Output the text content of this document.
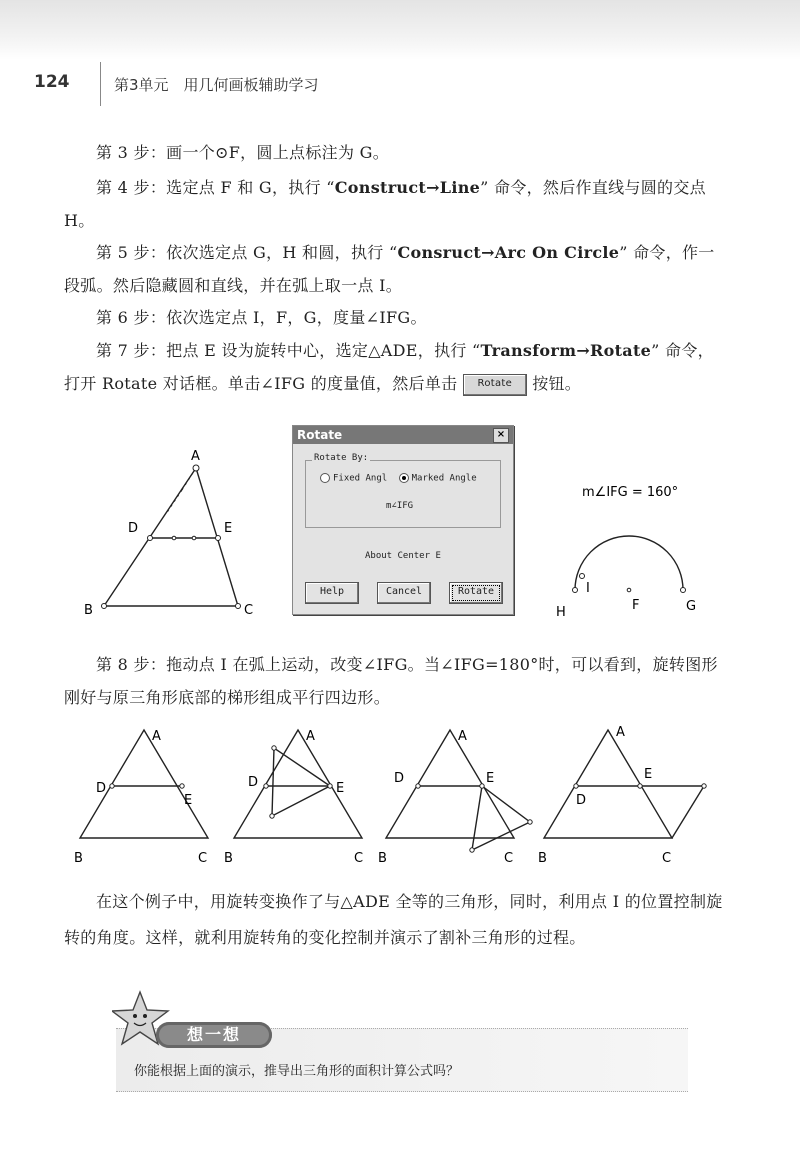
124	第3单元　用几何画板辅助学习

第 3 步：画一个⊙F，圆上点标注为 G。

第 4 步：选定点 F 和 G，执行 “Construct→Line” 命令，然后作直线与圆的交点 H。

第 5 步：依次选定点 G，H 和圆，执行 “Consruct→Arc On Circle” 命令，作一段弧。然后隐藏圆和直线，并在弧上取一点 I。

第 6 步：依次选定点 I，F，G，度量∠IFG。

第 7 步：把点 E 设为旋转中心，选定△ADE，执行 “Transform→Rotate” 命令，打开 Rotate 对话框。单击∠IFG 的度量值，然后单击 Rotate 按钮。

A
B	C
D	E
Rotate	×
Rotate By:
Fixed Angl	Marked Angle
m∠IFG
About Center E
Help	Cancel	Rotate
m∠IFG = 160°
H
I
F	G

第 8 步：拖动点 I 在弧上运动，改变∠IFG。当∠IFG=180°时，可以看到，旋转图形刚好与原三角形底部的梯形组成平行四边形。

A
B	C
D
E
A
B	C
D	E
A
B	C
D	E
A
B	C
D
E

在这个例子中，用旋转变换作了与△ADE 全等的三角形，同时，利用点 I 的位置控制旋转的角度。这样，就利用旋转角的变化控制并演示了割补三角形的过程。

想一想
你能根据上面的演示，推导出三角形的面积计算公式吗？
